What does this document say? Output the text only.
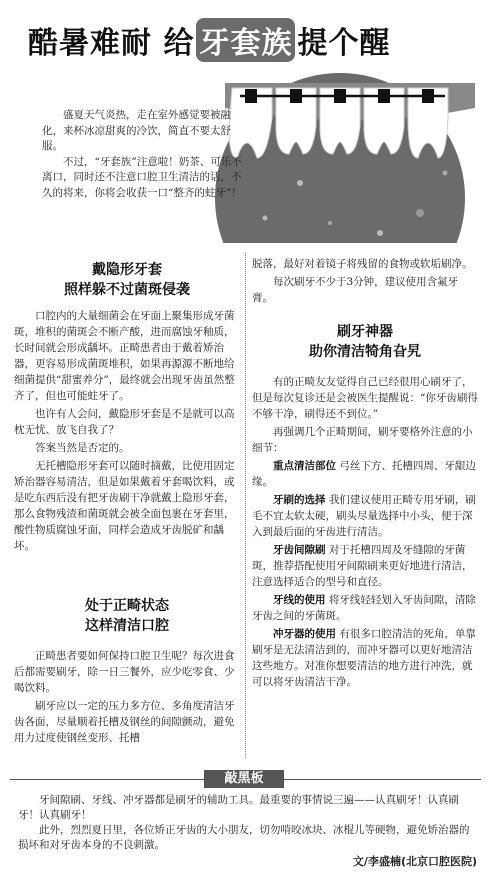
酷暑难耐 给 牙套族 提个醒

盛夏天气炎热，走在室外感觉要被融化，来杯冰凉甜爽的冷饮，简直不要太舒服。

不过，“牙套族”注意啦！奶茶、可乐不离口，同时还不注意口腔卫生清洁的话，不久的将来，你将会收获一口“整齐的蛀牙”！

戴隐形牙套
照样躲不过菌斑侵袭

口腔内的大量细菌会在牙面上聚集形成牙菌斑，堆积的菌斑会不断产酸，进而腐蚀牙釉质，长时间就会形成龋坏。正畸患者由于戴着矫治器，更容易形成菌斑堆积，如果再源源不断地给细菌提供“甜蜜养分”，最终就会出现牙齿虽然整齐了，但也可能蛀牙了。

也许有人会问，戴隐形牙套是不是就可以高枕无忧、放飞自我了？

答案当然是否定的。

无托槽隐形牙套可以随时摘戴，比使用固定矫治器容易清洁，但是如果戴着牙套喝饮料，或是吃东西后没有把牙齿刷干净就戴上隐形牙套，那么食物残渣和菌斑就会被全面包裹在牙套里，酸性物质腐蚀牙面，同样会造成牙齿脱矿和龋坏。

处于正畸状态
这样清洁口腔

正畸患者要如何保持口腔卫生呢？每次进食后都需要刷牙，除一日三餐外，应少吃零食、少喝饮料。

刷牙应以一定的压力多方位、多角度清洁牙齿各面，尽量顺着托槽及钢丝的间隙颤动，避免用力过度使钢丝变形、托槽

脱落，最好对着镜子将残留的食物或软垢刷净。

每次刷牙不少于3分钟，建议使用含氟牙膏。

刷牙神器
助你清洁犄角旮旯

有的正畸友友觉得自己已经很用心刷牙了，但是每次复诊还是会被医生提醒说：“你牙齿刷得不够干净，刷得还不到位。”

再强调几个正畸期间，刷牙要格外注意的小细节：

重点清洁部位 弓丝下方、托槽四周、牙龈边缘。

牙刷的选择 我们建议使用正畸专用牙刷，刷毛不宜太软太硬，刷头尽量选择中小头，便于深入到最后面的牙齿进行清洁。

牙齿间隙刷 对于托槽四周及牙缝隙的牙菌斑，推荐搭配使用牙间隙刷来更好地进行清洁，注意选择适合的型号和直径。

牙线的使用 将牙线轻轻划入牙齿间隙，清除牙齿之间的牙菌斑。

冲牙器的使用 有很多口腔清洁的死角，单靠刷牙是无法清洁到的，而冲牙器可以更好地清洁这些地方。对准你想要清洁的地方进行冲洗，就可以将牙齿清洁干净。

敲黑板

牙间隙刷、牙线、冲牙器都是刷牙的辅助工具。最重要的事情说三遍——认真刷牙！认真刷牙！认真刷牙！

此外，烈烈夏日里，各位矫正牙齿的大小朋友，切勿啃咬冰块、冰棍儿等硬物，避免矫治器的损坏和对牙齿本身的不良刺激。

文/李盛楠(北京口腔医院)
